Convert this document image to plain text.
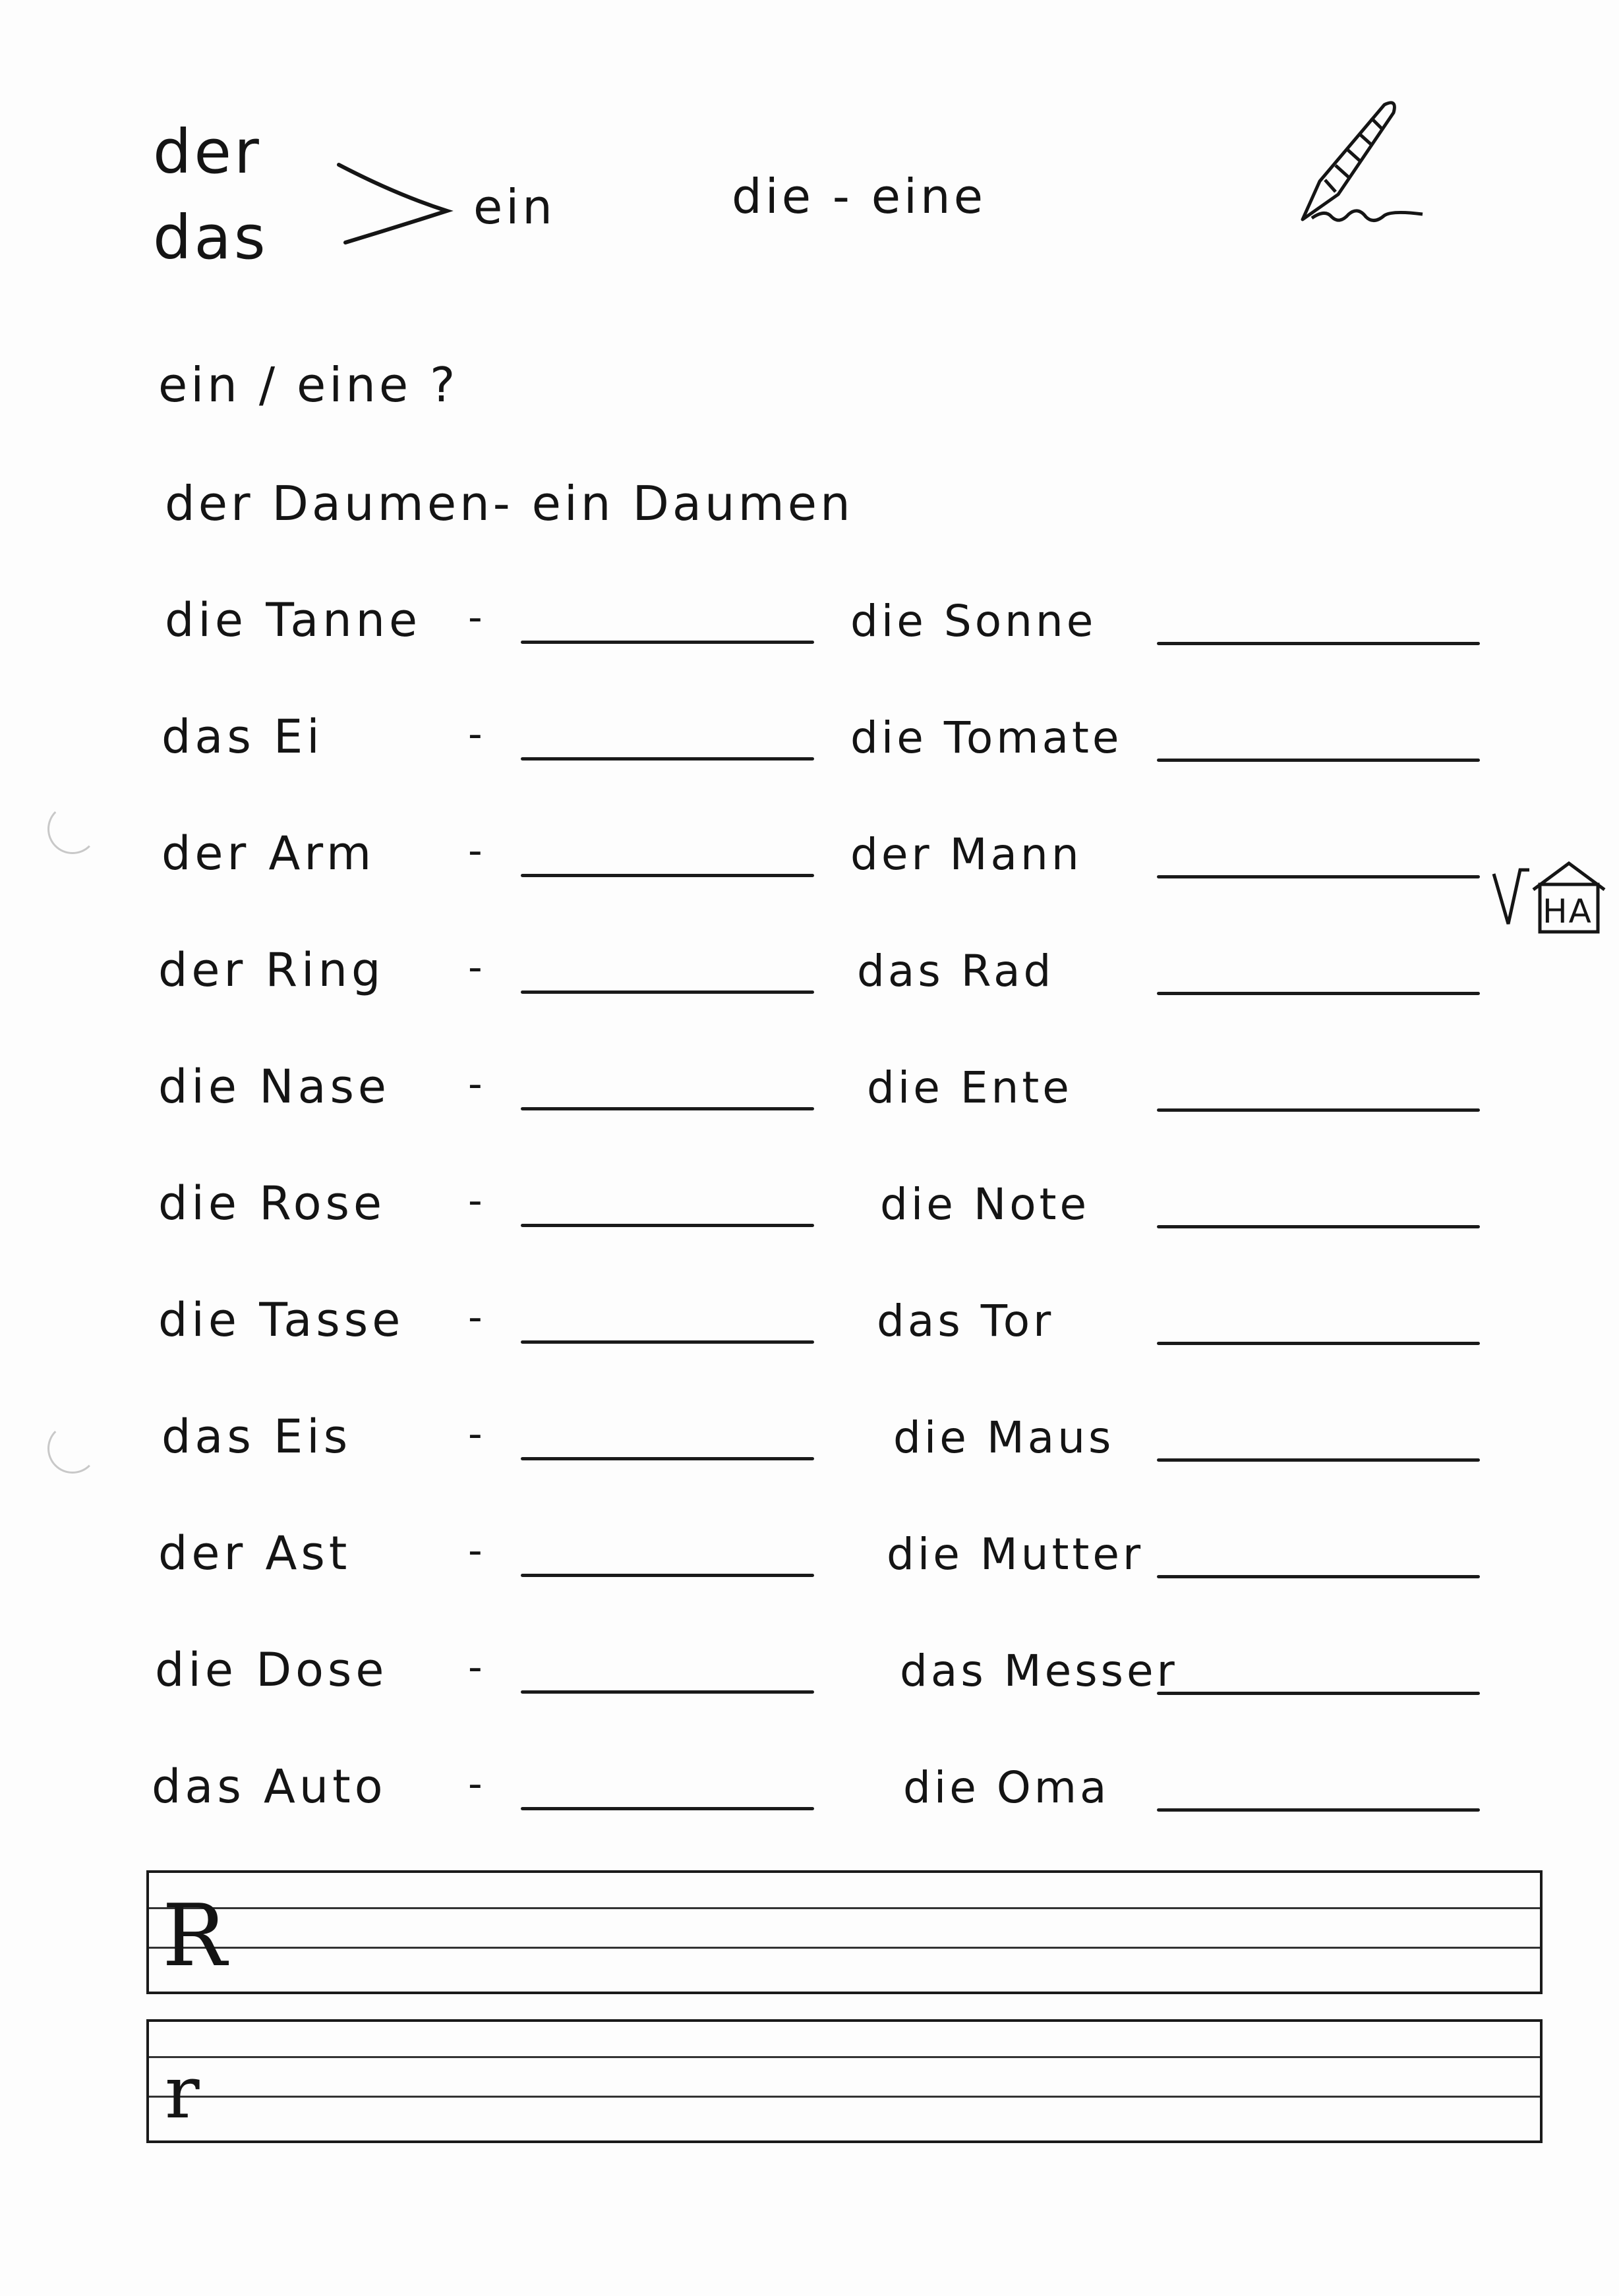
der
das	ein	die - eine
ein / eine ?
der Daumen- ein Daumen
die Tanne -	die Sonne
das Ei	-	die Tomate
der Arm -	der Mann
der Ring -	das Rad
die Nase -	die Ente
die Rose -	die Note
die Tasse -	das Tor
das Eis	-	die Maus
der Ast	-	die Mutter
die Dose -	das Messer
das Auto -	die Oma
HA
R
r
